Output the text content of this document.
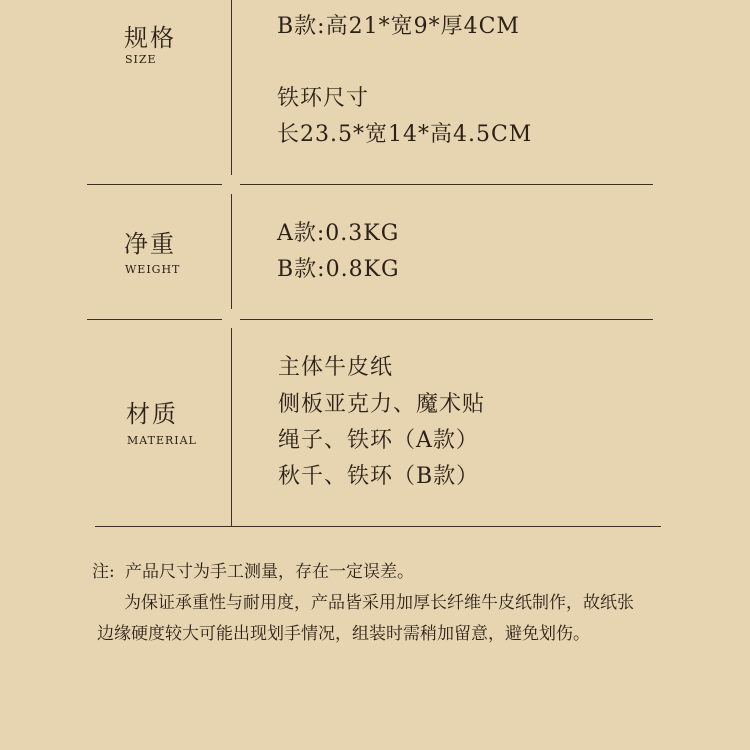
规格
SIZE
B款:高21*宽9*厚4CM
铁环尺寸
长23.5*宽14*高4.5CM
净重
WEIGHT
A款:0.3KG
B款:0.8KG
材质
MATERIAL
主体牛皮纸
侧板亚克力、魔术贴
绳子、铁环（A款）
秋千、铁环（B款）
注: 产品尺寸为手工测量，存在一定误差。
为保证承重性与耐用度，产品皆采用加厚长纤维牛皮纸制作，故纸张
边缘硬度较大可能出现划手情况，组装时需稍加留意，避免划伤。
